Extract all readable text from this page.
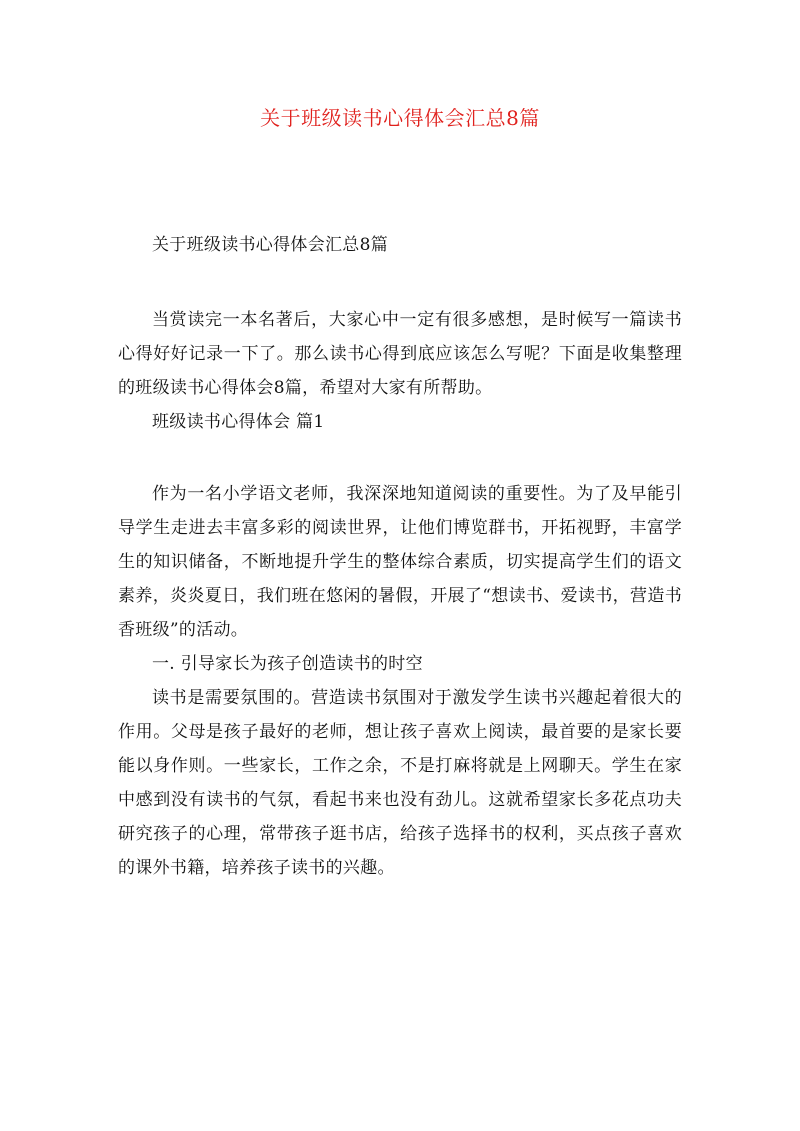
关于班级读书心得体会汇总8篇

关于班级读书心得体会汇总8篇

当赏读完一本名著后，大家心中一定有很多感想，是时候写一篇读书心得好好记录一下了。那么读书心得到底应该怎么写呢？下面是收集整理的班级读书心得体会8篇，希望对大家有所帮助。

班级读书心得体会 篇1

作为一名小学语文老师，我深深地知道阅读的重要性。为了及早能引导学生走进去丰富多彩的阅读世界，让他们博览群书，开拓视野，丰富学生的知识储备，不断地提升学生的整体综合素质，切实提高学生们的语文素养，炎炎夏日，我们班在悠闲的暑假，开展了“想读书、爱读书，营造书香班级”的活动。

一. 引导家长为孩子创造读书的时空

读书是需要氛围的。营造读书氛围对于激发学生读书兴趣起着很大的作用。父母是孩子最好的老师，想让孩子喜欢上阅读，最首要的是家长要能以身作则。一些家长，工作之余，不是打麻将就是上网聊天。学生在家中感到没有读书的气氛，看起书来也没有劲儿。这就希望家长多花点功夫研究孩子的心理，常带孩子逛书店，给孩子选择书的权利，买点孩子喜欢的课外书籍，培养孩子读书的兴趣。
